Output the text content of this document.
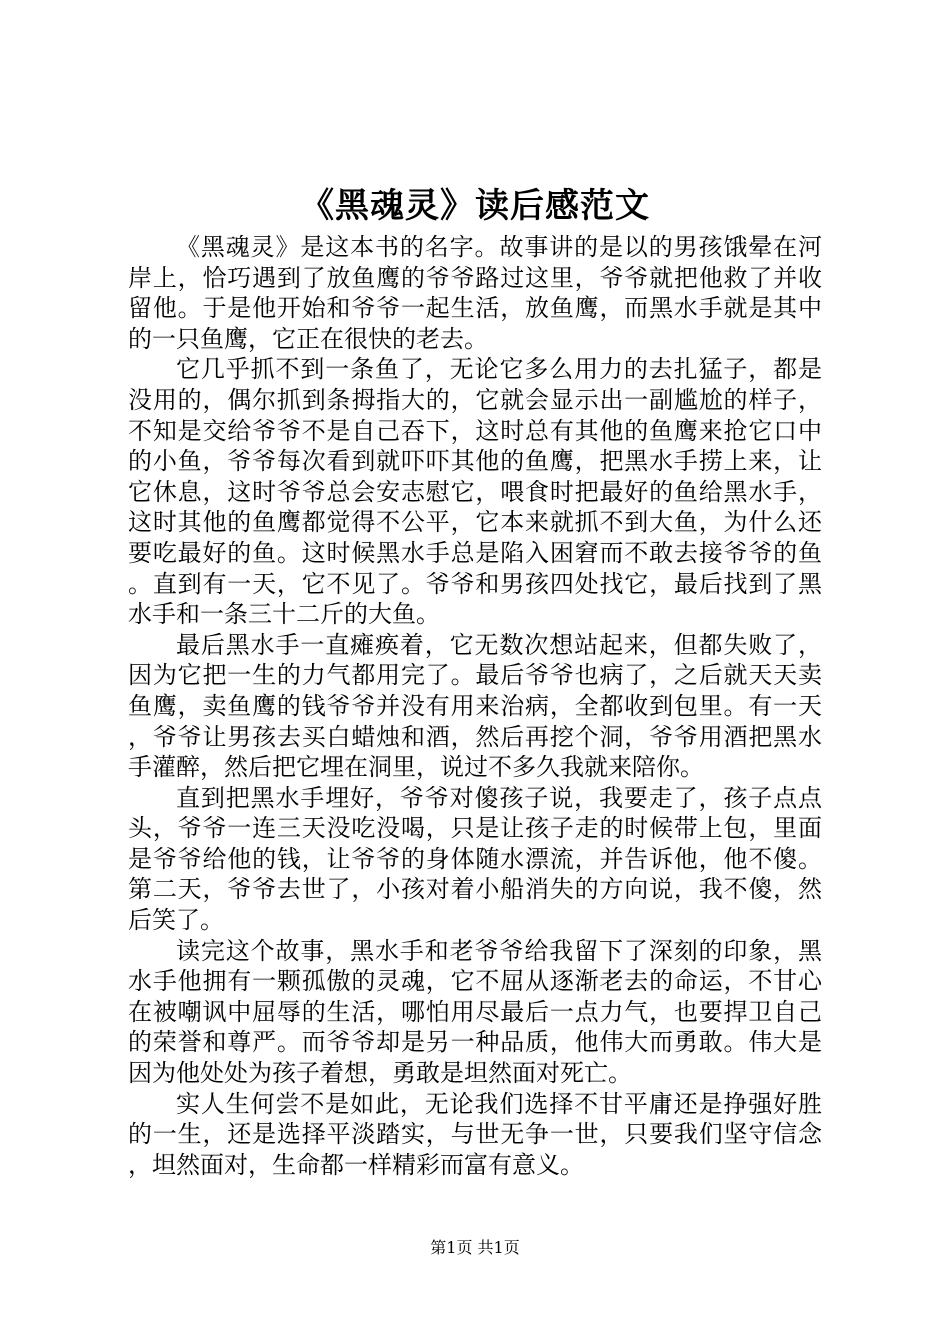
《黑魂灵》读后感范文

《黑魂灵》是这本书的名字。故事讲的是以的男孩饿晕在河岸上，恰巧遇到了放鱼鹰的爷爷路过这里，爷爷就把他救了并收留他。于是他开始和爷爷一起生活，放鱼鹰，而黑水手就是其中的一只鱼鹰，它正在很快的老去。

它几乎抓不到一条鱼了，无论它多么用力的去扎猛子，都是没用的，偶尔抓到条拇指大的，它就会显示出一副尴尬的样子，不知是交给爷爷不是自己吞下，这时总有其他的鱼鹰来抢它口中的小鱼，爷爷每次看到就吓吓其他的鱼鹰，把黑水手捞上来，让它休息，这时爷爷总会安志慰它，喂食时把最好的鱼给黑水手，这时其他的鱼鹰都觉得不公平，它本来就抓不到大鱼，为什么还要吃最好的鱼。这时候黑水手总是陷入困窘而不敢去接爷爷的鱼。直到有一天，它不见了。爷爷和男孩四处找它，最后找到了黑水手和一条三十二斤的大鱼。

最后黑水手一直瘫痪着，它无数次想站起来，但都失败了，因为它把一生的力气都用完了。最后爷爷也病了，之后就天天卖鱼鹰，卖鱼鹰的钱爷爷并没有用来治病，全都收到包里。有一天，爷爷让男孩去买白蜡烛和酒，然后再挖个洞，爷爷用酒把黑水手灌醉，然后把它埋在洞里，说过不多久我就来陪你。

直到把黑水手埋好，爷爷对傻孩子说，我要走了，孩子点点头，爷爷一连三天没吃没喝，只是让孩子走的时候带上包，里面是爷爷给他的钱，让爷爷的身体随水漂流，并告诉他，他不傻。第二天，爷爷去世了，小孩对着小船消失的方向说，我不傻，然后笑了。

读完这个故事，黑水手和老爷爷给我留下了深刻的印象，黑水手他拥有一颗孤傲的灵魂，它不屈从逐渐老去的命运，不甘心在被嘲讽中屈辱的生活，哪怕用尽最后一点力气，也要捍卫自己的荣誉和尊严。而爷爷却是另一种品质，他伟大而勇敢。伟大是因为他处处为孩子着想，勇敢是坦然面对死亡。

实人生何尝不是如此，无论我们选择不甘平庸还是挣强好胜的一生，还是选择平淡踏实，与世无争一世，只要我们坚守信念，坦然面对，生命都一样精彩而富有意义。

第1页 共1页
